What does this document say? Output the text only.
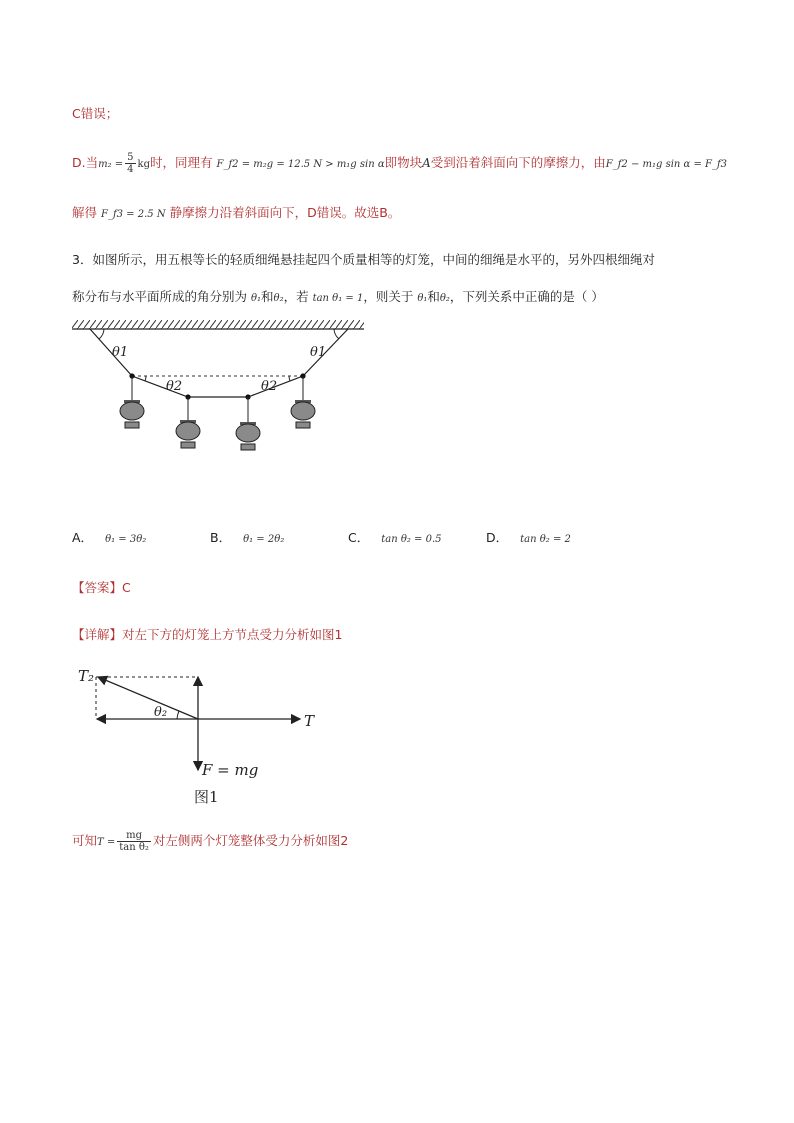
C错误；
D.当$m_2 = \frac{5}{4}$ kg时，同理有 F_f2 = m₂g = 12.5 N > m₁g sin α即物块A受到沿着斜面向下的摩擦力，由F_f2 − m₁g sin α = F_f3
解得 F_f3 = 2.5 N 静摩擦力沿着斜面向下，D错误。故选B。
3．如图所示，用五根等长的轻质细绳悬挂起四个质量相等的灯笼，中间的细绳是水平的，另外四根细绳对
称分布与水平面所成的角分别为 θ₁和θ₂，若 tan θ₁ = 1，则关于 θ₁和θ₂，下列关系中正确的是（ ）
θ1	θ1
θ2	θ2
A． θ₁ = 3θ₂	B． θ₁ = 2θ₂	C． tan θ₂ = 0.5	D． tan θ₂ = 2
【答案】C
【详解】对左下方的灯笼上方节点受力分析如图1
T₂
θ₂	T
F = mg
图1
可知$T = \frac{mg}{\text{tan θ₂}}$ 对左侧两个灯笼整体受力分析如图2
